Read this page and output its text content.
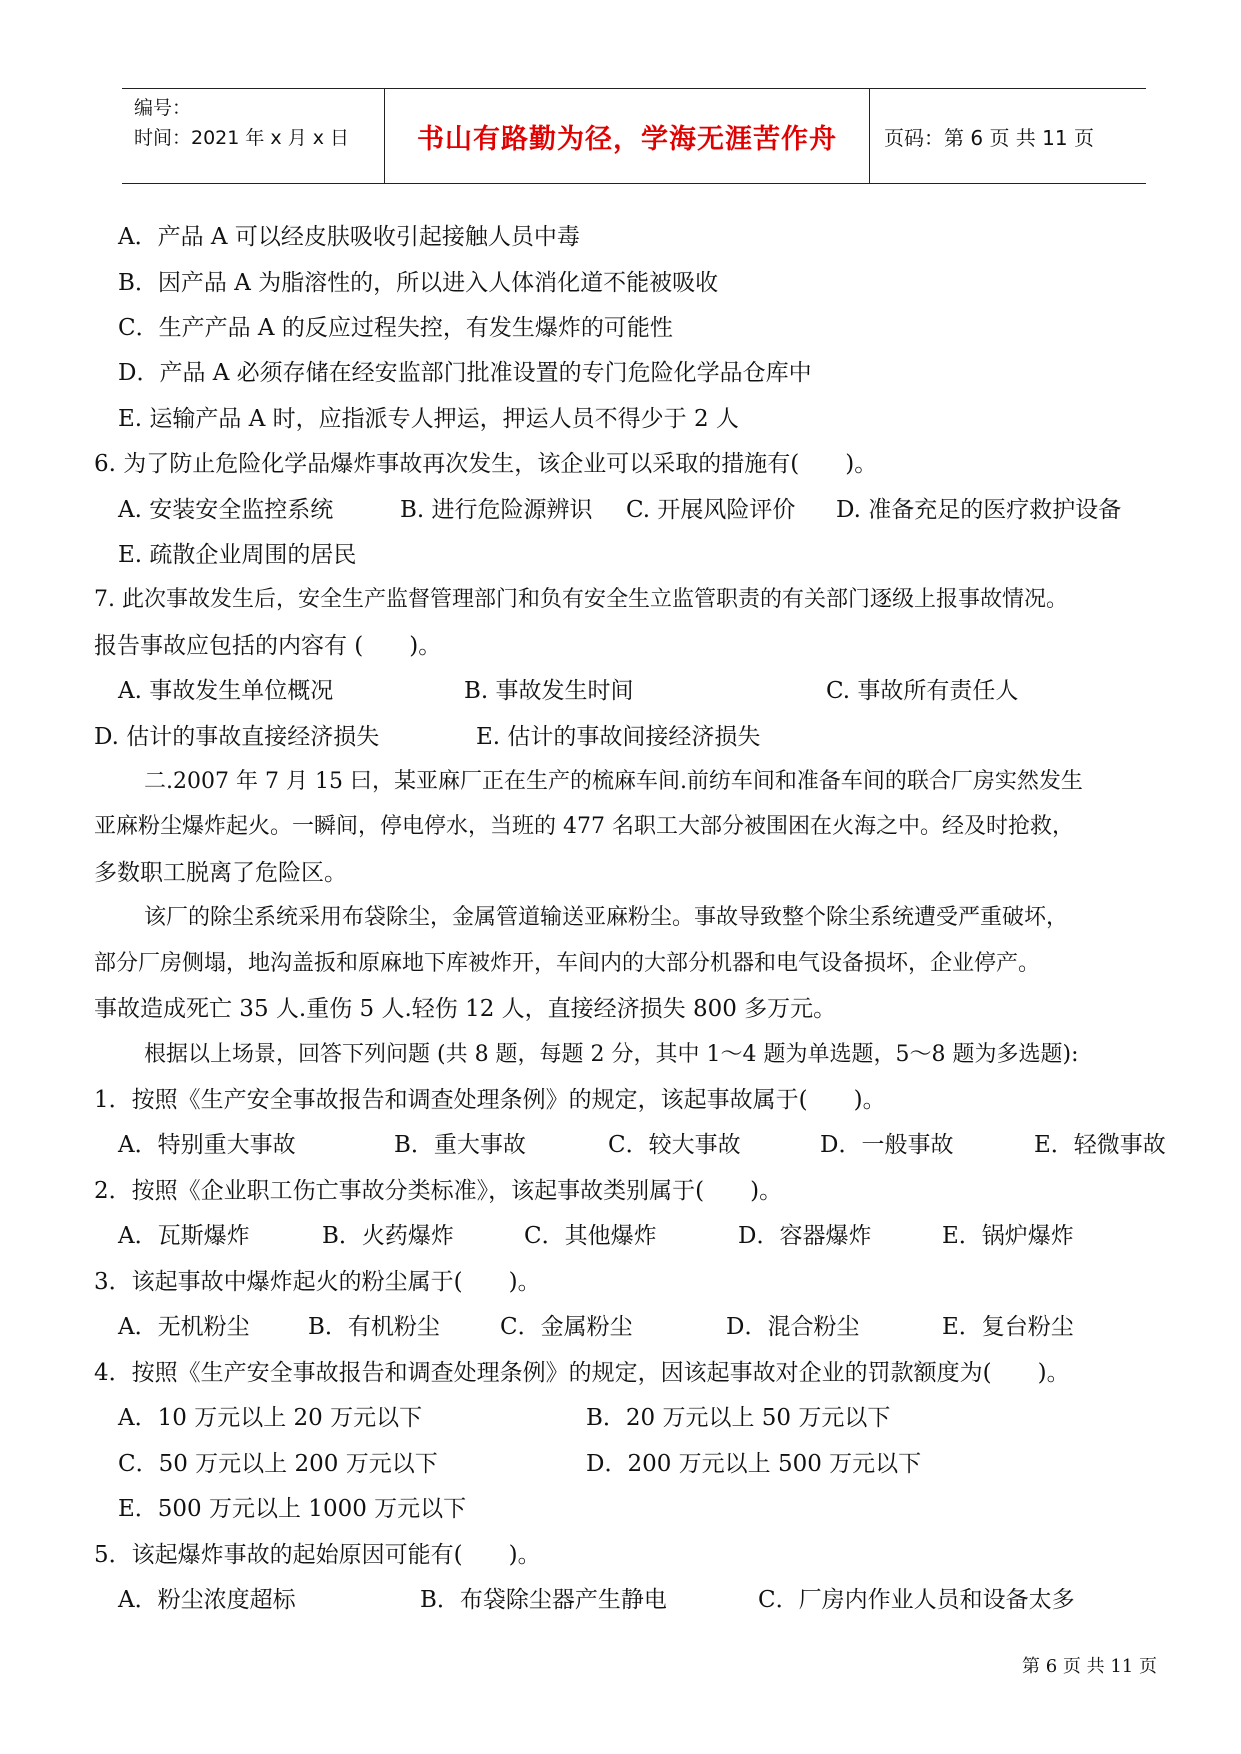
编号：
时间：2021 年 x 月 x 日	书山有路勤为径，学海无涯苦作舟 页码：第 6 页 共 11 页
A．产品 A 可以经皮肤吸收引起接触人员中毒
B．因产品 A 为脂溶性的，所以进入人体消化道不能被吸收
C．生产产品 A 的反应过程失控，有发生爆炸的可能性
D．产品 A 必须存储在经安监部门批准设置的专门危险化学品仓库中
E. 运输产品 A 时，应指派专人押运，押运人员不得少于 2 人
6. 为了防止危险化学品爆炸事故再次发生，该企业可以采取的措施有(　　)。
A. 安装安全监控系统	B. 进行危险源辨识 C. 开展风险评价 D. 准备充足的医疗救护设备
E. 疏散企业周围的居民
7. 此次事故发生后，安全生产监督管理部门和负有安全生立监管职责的有关部门逐级上报事故情况。
报告事故应包括的内容有 (　　)。
A. 事故发生单位概况	B. 事故发生时间	C. 事故所有责任人
D. 估计的事故直接经济损失	E. 估计的事故间接经济损失
二.2007 年 7 月 15 曰，某亚麻厂正在生产的梳麻车间.前纺车间和准备车间的联合厂房实然发生
亚麻粉尘爆炸起火。一瞬间，停电停水，当班的 477 名职工大部分被围困在火海之中。经及时抢救，
多数职工脱离了危险区。
该厂的除尘系统采用布袋除尘，金属管道输送亚麻粉尘。事故导致整个除尘系统遭受严重破坏，
部分厂房侧塌，地沟盖扳和原麻地下库被炸开，车间内的大部分机器和电气设备损坏，企业停产。
事故造成死亡 35 人.重伤 5 人.轻伤 12 人，直接经济损失 800 多万元。
根据以上场景，回答下列问题 (共 8 题，每题 2 分，其中 1～4 题为单选题，5～8 题为多选题):
1．按照《生产安全事故报告和调查处理条例》的规定，该起事故属于(　　)。
A．特别重大事故	B．重大事故	C．较大事故	D．一般事故	E．轻微事故
2．按照《企业职工伤亡事故分类标准》，该起事故类别属于(　　)。
A．瓦斯爆炸	B．火药爆炸	C．其他爆炸	D．容器爆炸	E．锅炉爆炸
3．该起事故中爆炸起火的粉尘属于(　　)。
A．无机粉尘	B．有机粉尘	C．金属粉尘	D．混合粉尘	E．复台粉尘
4．按照《生产安全事故报告和调查处理条例》的规定，因该起事故对企业的罚款额度为(　　)。
A．10 万元以上 20 万元以下	B．20 万元以上 50 万元以下
C．50 万元以上 200 万元以下	D．200 万元以上 500 万元以下
E．500 万元以上 1000 万元以下
5．该起爆炸事故的起始原因可能有(　　)。
A．粉尘浓度超标	B．布袋除尘器产生静电	C．厂房内作业人员和设备太多
第 6 页 共 11 页
